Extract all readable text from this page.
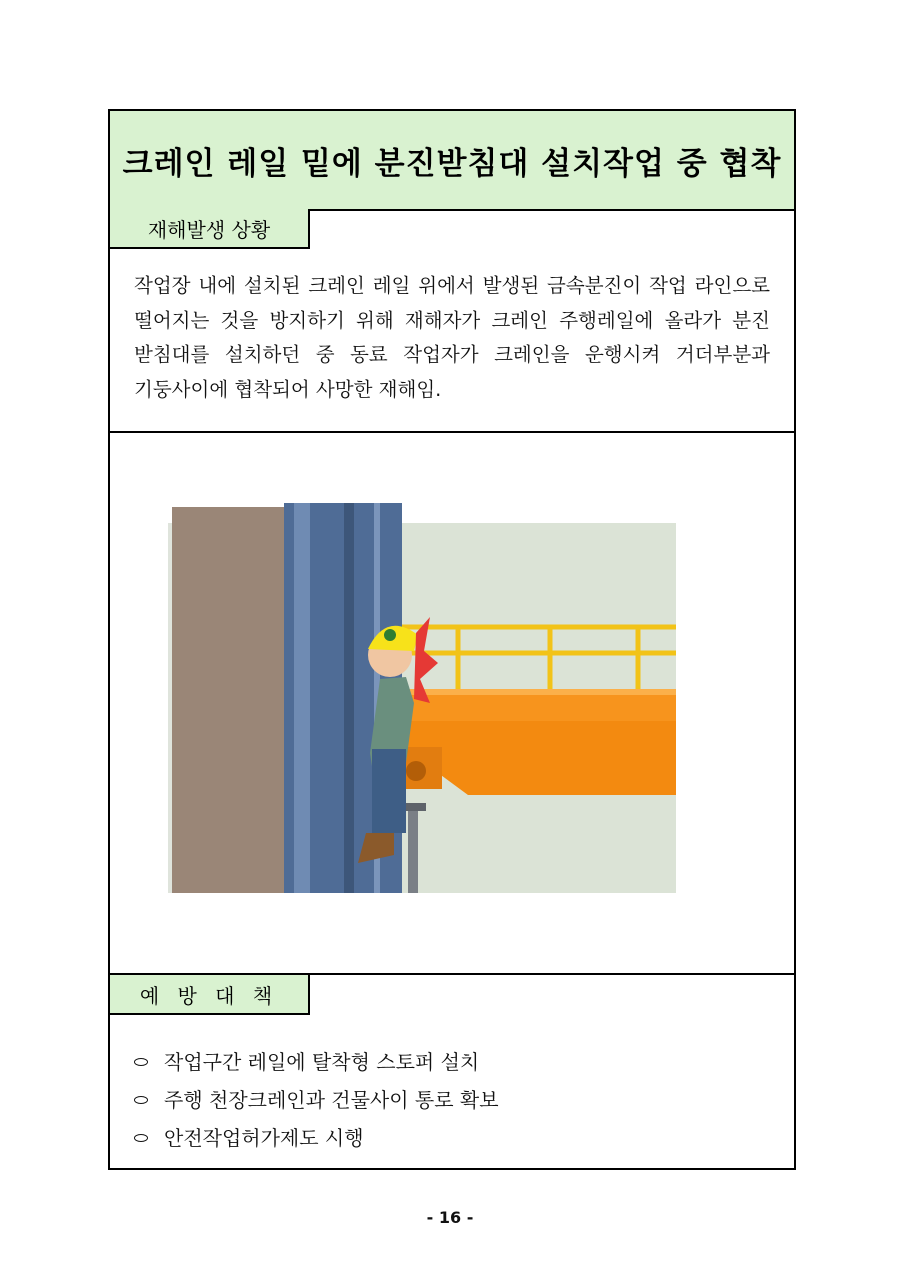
크레인 레일 밑에 분진받침대 설치작업 중 협착
재해발생 상황
작업장 내에 설치된 크레인 레일 위에서 발생된 금속분진이 작업 라인으로 떨어지는 것을 방지하기 위해 재해자가 크레인 주행레일에 올라가 분진 받침대를 설치하던 중 동료 작업자가 크레인을 운행시켜 거더부분과 기둥사이에 협착되어 사망한 재해임.
예 방 대 책
작업구간 레일에 탈착형 스토퍼 설치
주행 천장크레인과 건물사이 통로 확보
안전작업허가제도 시행
- 16 -
